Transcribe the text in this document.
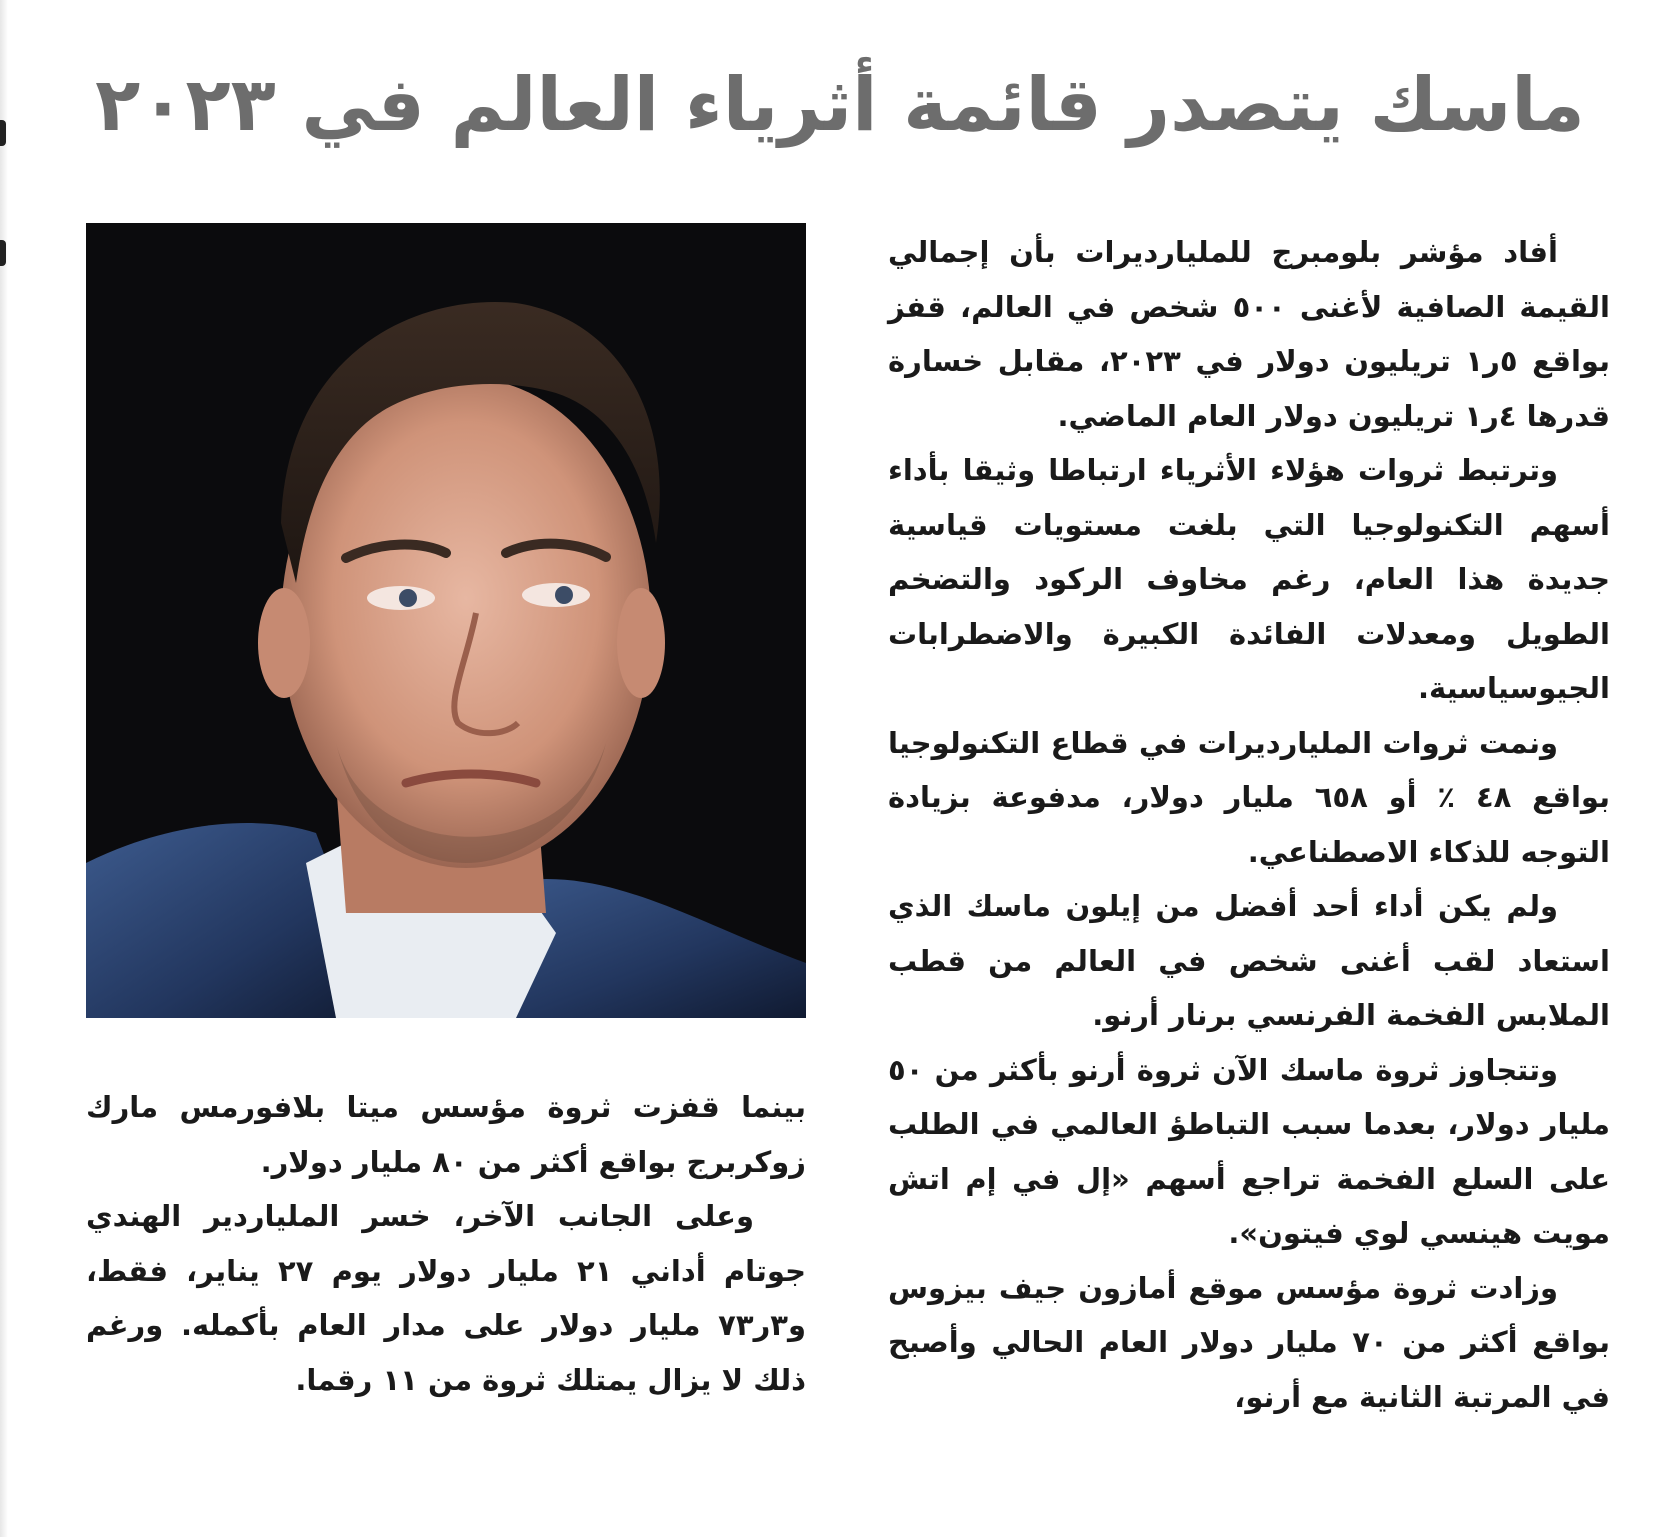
ماسك يتصدر قائمة أثرياء العالم في ٢٠٢٣

أفاد مؤشر بلومبرج للمليارديرات بأن إجمالي القيمة الصافية لأغنى ٥٠٠ شخص في العالم، قفز بواقع ٥ر١ تريليون دولار في ٢٠٢٣، مقابل خسارة قدرها ٤ر١ تريليون دولار العام الماضي.

وترتبط ثروات هؤلاء الأثرياء ارتباطا وثيقا بأداء أسهم التكنولوجيا التي بلغت مستويات قياسية جديدة هذا العام، رغم مخاوف الركود والتضخم الطويل ومعدلات الفائدة الكبيرة والاضطرابات الجيوسياسية.

ونمت ثروات المليارديرات في قطاع التكنولوجيا بواقع ٤٨ ٪ أو ٦٥٨ مليار دولار، مدفوعة بزيادة التوجه للذكاء الاصطناعي.

ولم يكن أداء أحد أفضل من إيلون ماسك الذي استعاد لقب أغنى شخص في العالم من قطب الملابس الفخمة الفرنسي برنار أرنو.

وتتجاوز ثروة ماسك الآن ثروة أرنو بأكثر من ٥٠ مليار دولار، بعدما سبب التباطؤ العالمي في الطلب على السلع الفخمة تراجع أسهم «إل في إم اتش مويت هينسي لوي فيتون».

وزادت ثروة مؤسس موقع أمازون جيف بيزوس بواقع أكثر من ٧٠ مليار دولار العام الحالي وأصبح في المرتبة الثانية مع أرنو،

بينما قفزت ثروة مؤسس ميتا بلافورمس مارك زوكربرج بواقع أكثر من ٨٠ مليار دولار.

وعلى الجانب الآخر، خسر الملياردير الهندي جوتام أداني ٢١ مليار دولار يوم ٢٧ يناير، فقط، و٣ر٧٣ مليار دولار على مدار العام بأكمله. ورغم ذلك لا يزال يمتلك ثروة من ١١ رقما.
